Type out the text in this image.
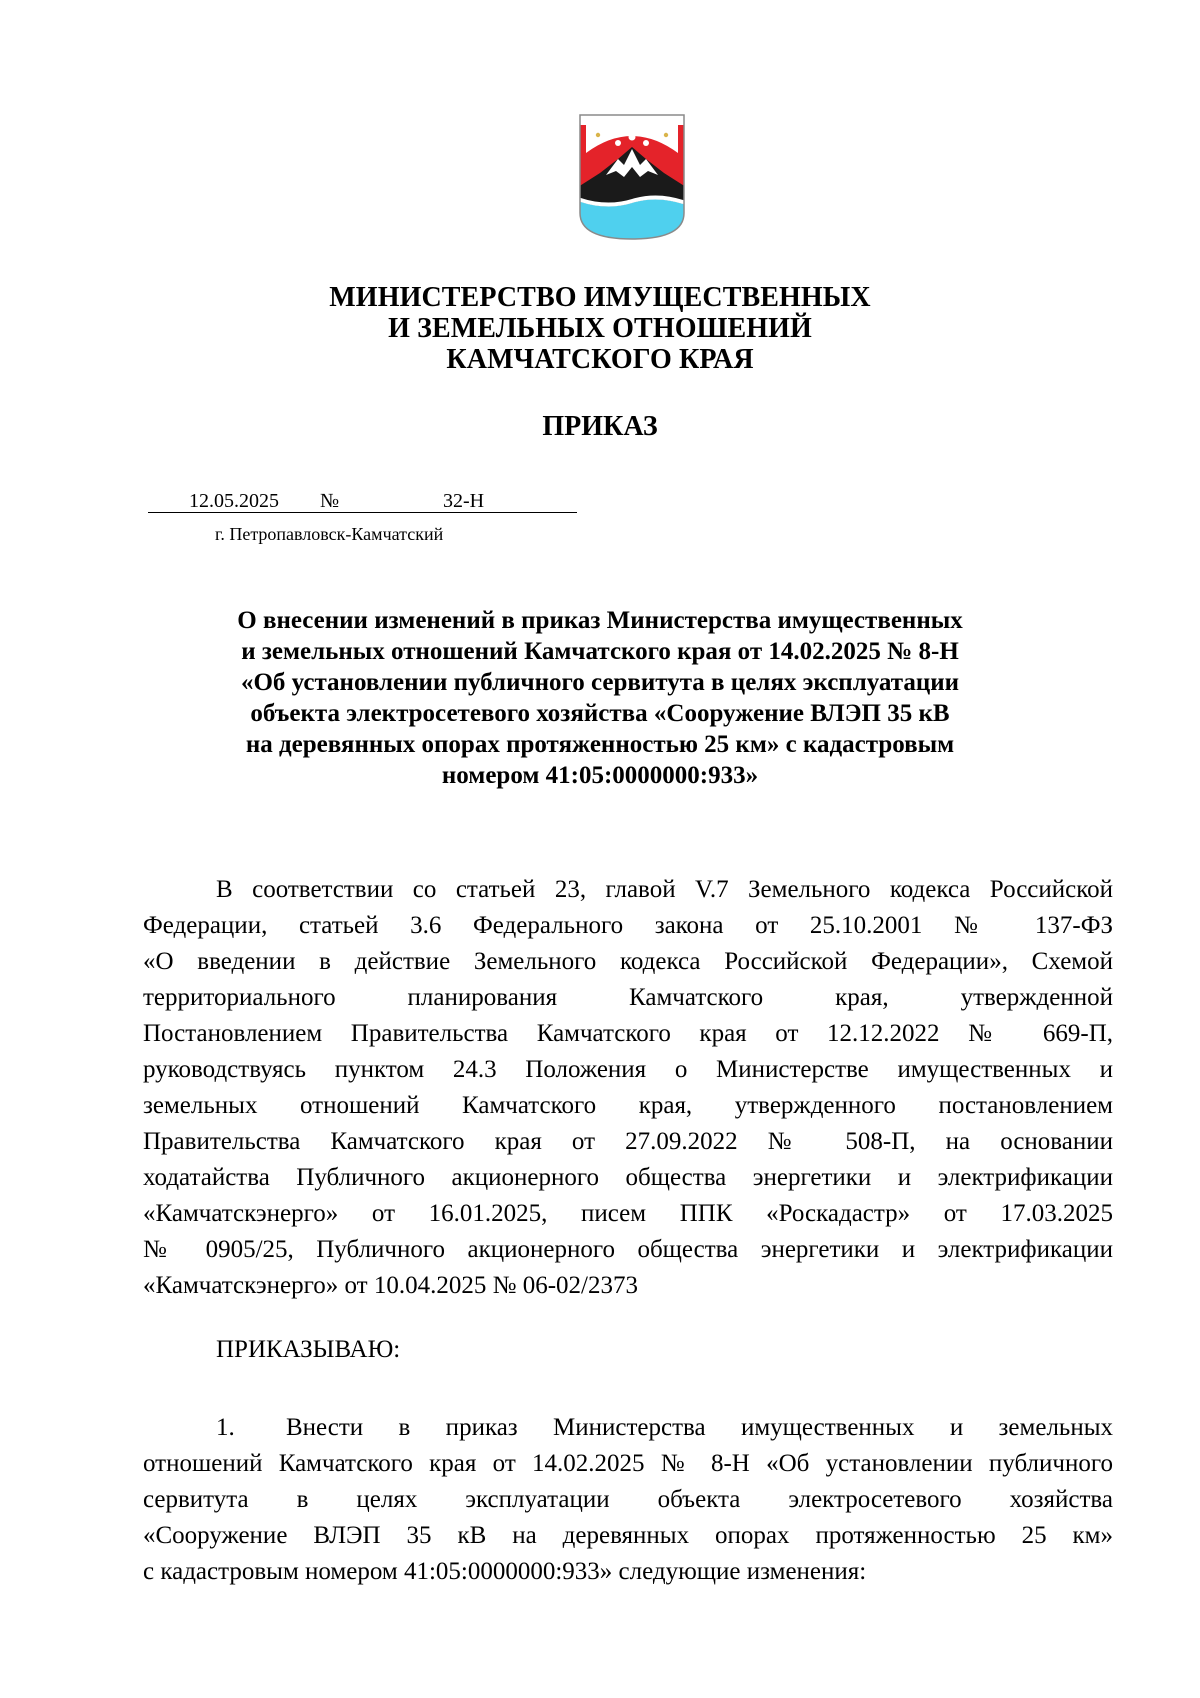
МИНИСТЕРСТВО ИМУЩЕСТВЕННЫХ
И ЗЕМЕЛЬНЫХ ОТНОШЕНИЙ
КАМЧАТСКОГО КРАЯ
ПРИКАЗ
12.05.2025 №	32-Н
г. Петропавловск-Камчатский
О внесении изменений в приказ Министерства имущественных
и земельных отношений Камчатского края от 14.02.2025 № 8-Н
«Об установлении публичного сервитута в целях эксплуатации
объекта электросетевого хозяйства «Сооружение ВЛЭП 35 кВ
на деревянных опорах протяженностью 25 км» с кадастровым
номером 41:05:0000000:933»
В соответствии со статьей 23, главой V.7 Земельного кодекса Российской
Федерации, статьей 3.6 Федерального закона от 25.10.2001 № 137-ФЗ
«О введении в действие Земельного кодекса Российской Федерации», Схемой
территориального планирования Камчатского края, утвержденной
Постановлением Правительства Камчатского края от 12.12.2022 № 669-П,
руководствуясь пунктом 24.3 Положения о Министерстве имущественных и
земельных отношений Камчатского края, утвержденного постановлением
Правительства Камчатского края от 27.09.2022 № 508-П, на основании
ходатайства Публичного акционерного общества энергетики и электрификации
«Камчатскэнерго» от 16.01.2025, писем ППК «Роскадастр» от 17.03.2025
№ 0905/25, Публичного акционерного общества энергетики и электрификации
«Камчатскэнерго» от 10.04.2025 № 06-02/2373
ПРИКАЗЫВАЮ:
1.	Внести в приказ Министерства имущественных и земельных
отношений Камчатского края от 14.02.2025 № 8-Н «Об установлении публичного
сервитута в целях эксплуатации объекта электросетевого хозяйства
«Сооружение ВЛЭП 35 кВ на деревянных опорах протяженностью 25 км»
с кадастровым номером 41:05:0000000:933» следующие изменения:
